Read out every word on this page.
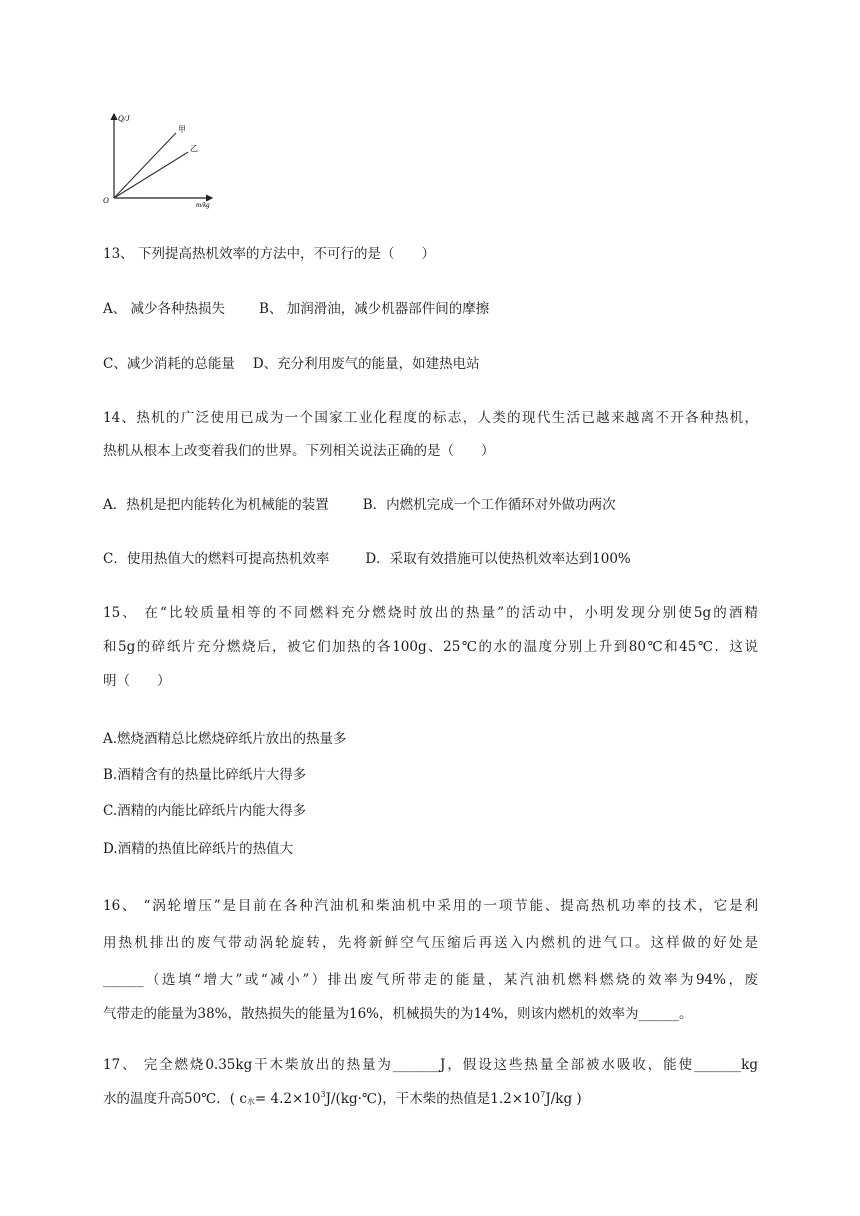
Q/J
m/kg
O
甲
乙
13、 下列提高热机效率的方法中，不可行的是（　　）
A、 减少各种热损失	B、 加润滑油，减少机器部件间的摩擦
C、减少消耗的总能量 D、充分利用废气的能量，如建热电站
14、热机的广泛使用已成为一个国家工业化程度的标志，人类的现代生活已越来越离不开各种热机，
热机从根本上改变着我们的世界。下列相关说法正确的是（　　）
A．热机是把内能转化为机械能的装置	B．内燃机完成一个工作循环对外做功两次
C．使用热值大的燃料可提高热机效率	D．采取有效措施可以使热机效率达到100%
15、 在“比较质量相等的不同燃料充分燃烧时放出的热量”的活动中，小明发现分别使5g的酒精
和5g的碎纸片充分燃烧后，被它们加热的各100g、25℃的水的温度分别上升到80℃和45℃．这说
明（　　）
A.燃烧酒精总比燃烧碎纸片放出的热量多
B.酒精含有的热量比碎纸片大得多
C.酒精的内能比碎纸片内能大得多
D.酒精的热值比碎纸片的热值大
16、 “涡轮增压”是目前在各种汽油机和柴油机中采用的一项节能、提高热机功率的技术，它是利
用热机排出的废气带动涡轮旋转，先将新鲜空气压缩后再送入内燃机的进气口。这样做的好处是
______（选填“增大”或“减小”）排出废气所带走的能量，某汽油机燃料燃烧的效率为94%，废
气带走的能量为38%，散热损失的能量为16%，机械损失的为14%，则该内燃机的效率为______。
17、 完全燃烧0.35kg干木柴放出的热量为_______J，假设这些热量全部被水吸收，能使_______kg
水的温度升高50℃．( $c_水=$ $4.2\times 10^3J/(kg\cdot℃)$，干木柴的热值是$1.2\times 10^7J/kg$ )
